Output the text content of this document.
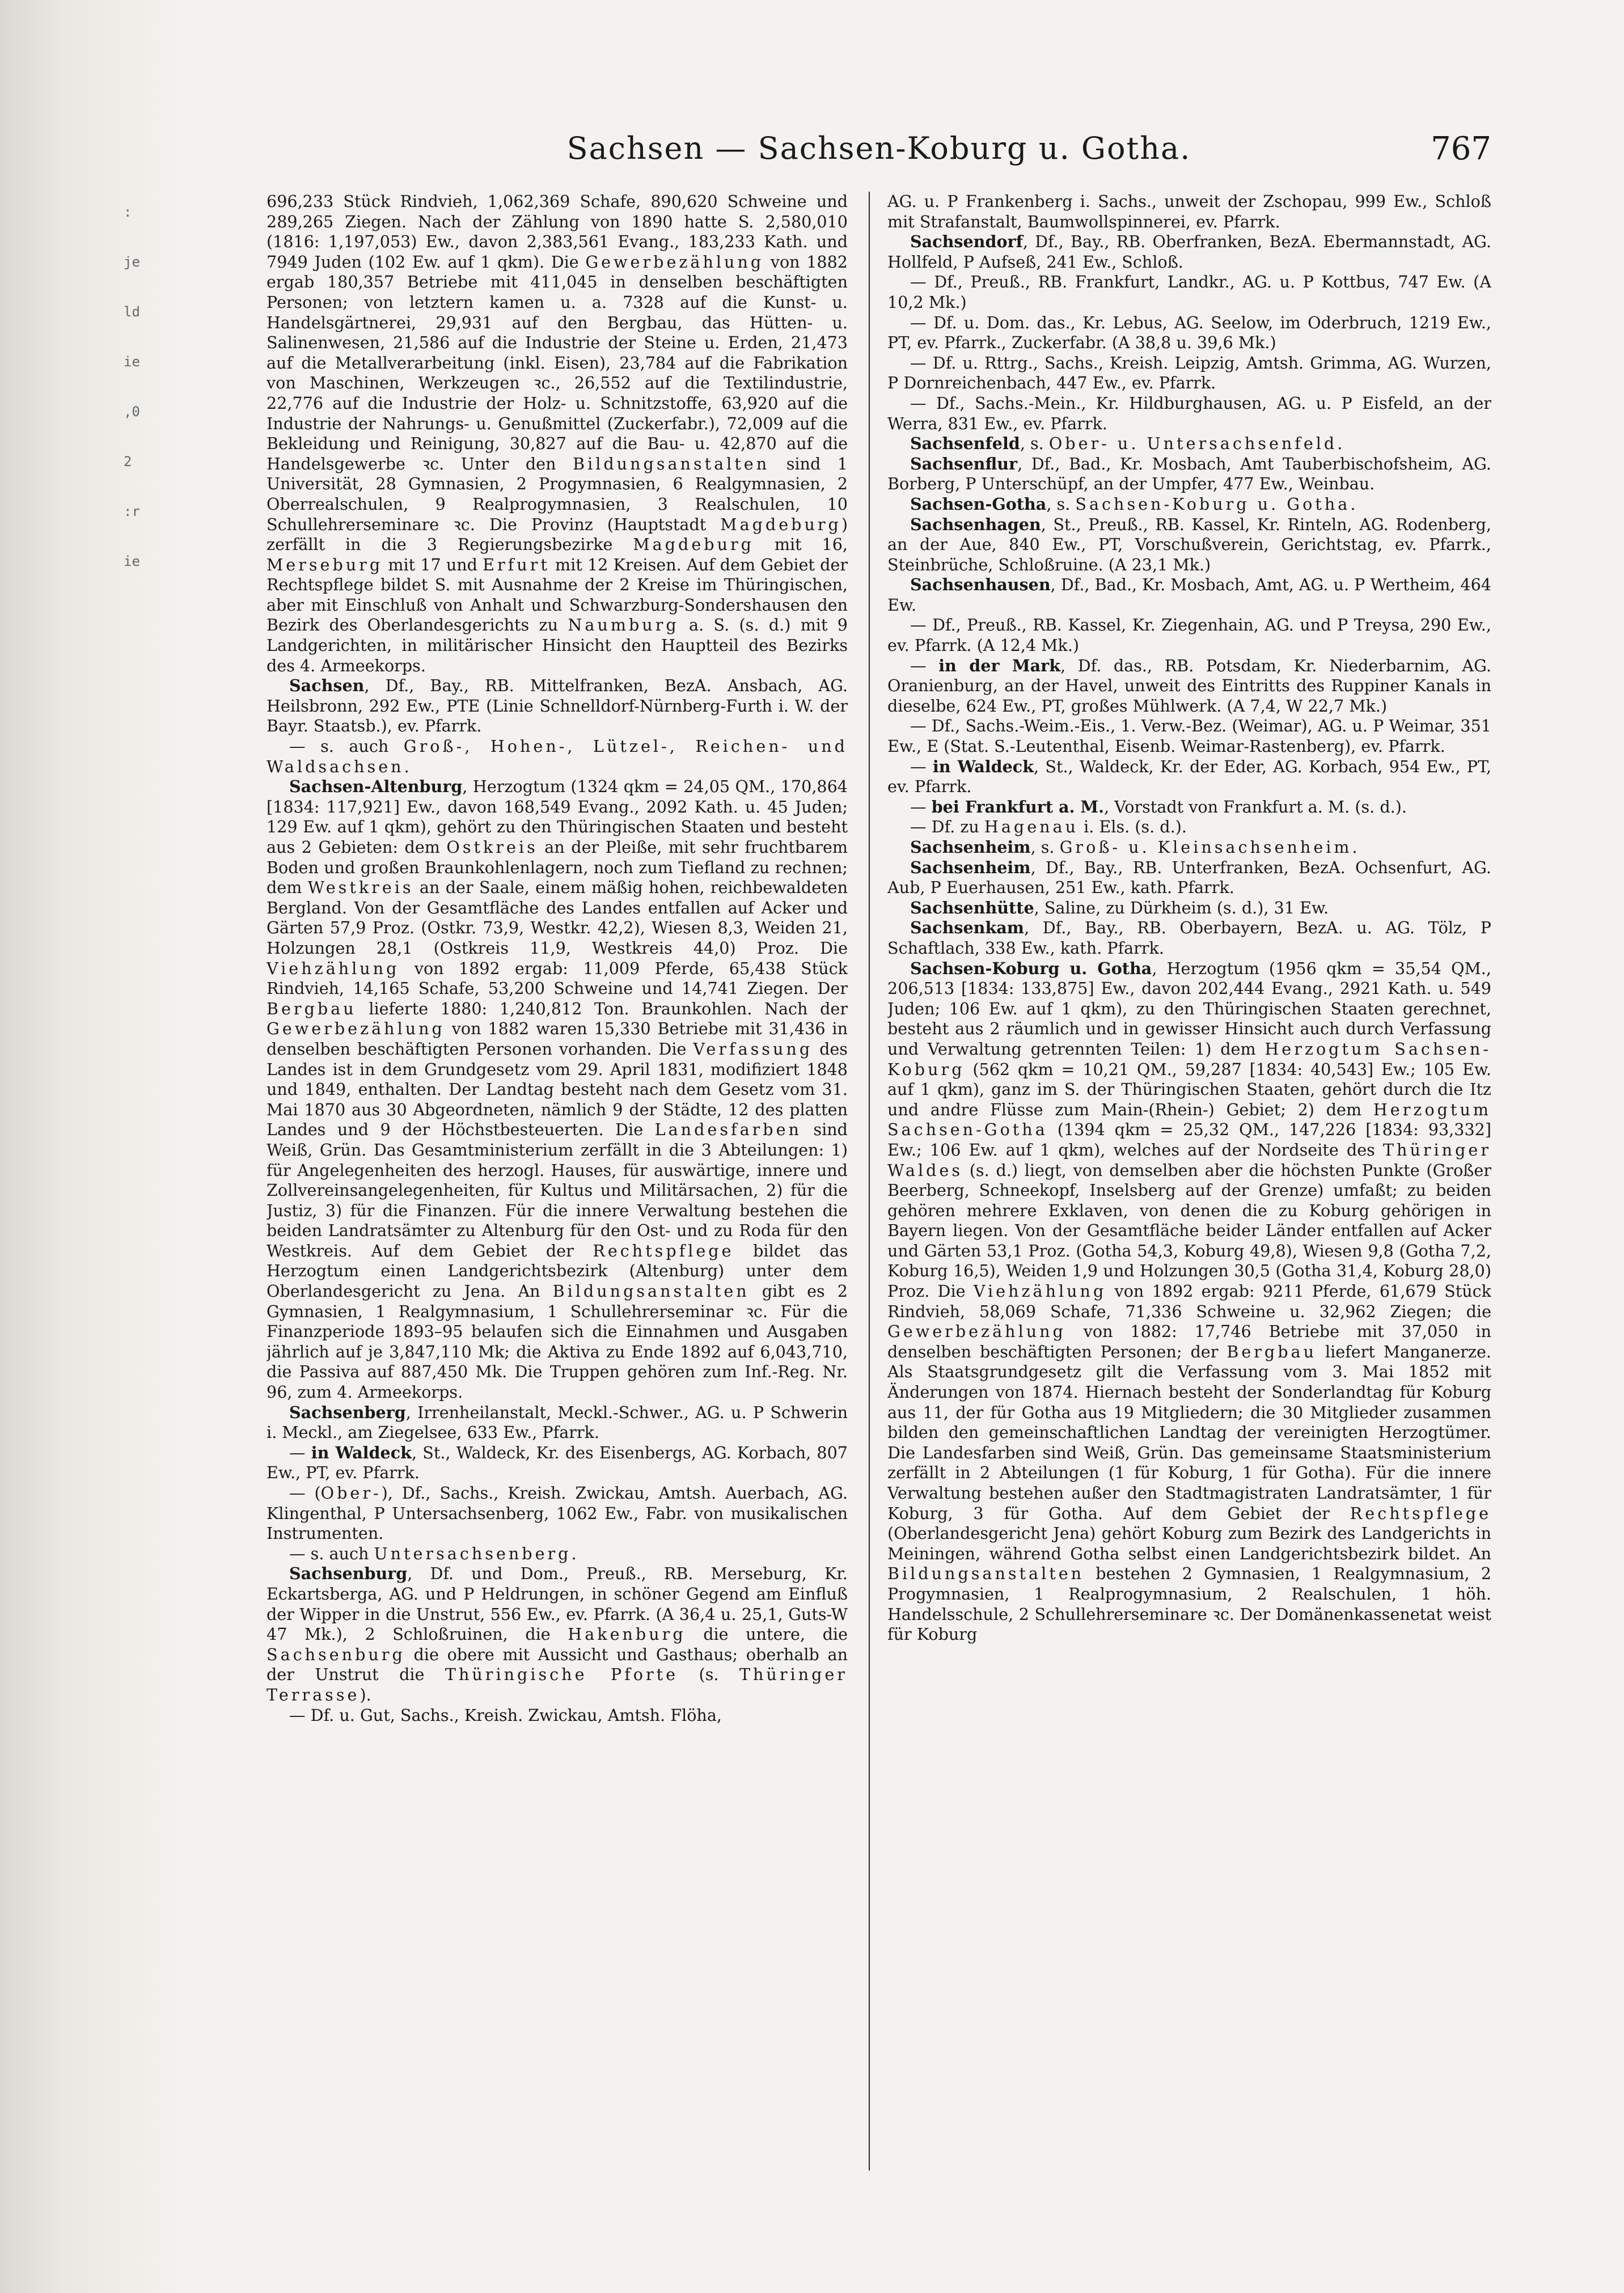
: je ld ie ,0 2 :r ie
Sachsen — Sachsen-Koburg u. Gotha.	767

696,233 Stück Rindvieh, 1,062,369 Schafe, 890,620 Schweine und 289,265 Ziegen. Nach der Zählung von 1890 hatte S. 2,580,010 (1816: 1,197,053) Ew., davon 2,383,561 Evang., 183,233 Kath. und 7949 Juden (102 Ew. auf 1 qkm). Die Gewerbezählung von 1882 ergab 180,357 Betriebe mit 411,045 in denselben beschäftigten Personen; von letztern kamen u. a. 7328 auf die Kunst- u. Handelsgärtnerei, 29,931 auf den Bergbau, das Hütten- u. Salinenwesen, 21,586 auf die Industrie der Steine u. Erden, 21,473 auf die Metallverarbeitung (inkl. Eisen), 23,784 auf die Fabrikation von Maschinen, Werkzeugen ꝛc., 26,552 auf die Textilindustrie, 22,776 auf die Industrie der Holz- u. Schnitzstoffe, 63,920 auf die Industrie der Nahrungs- u. Genußmittel (Zuckerfabr.), 72,009 auf die Bekleidung und Reinigung, 30,827 auf die Bau- u. 42,870 auf die Handelsgewerbe ꝛc. Unter den Bildungsanstalten sind 1 Universität, 28 Gymnasien, 2 Progymnasien, 6 Realgymnasien, 2 Oberrealschulen, 9 Realprogymnasien, 3 Realschulen, 10 Schullehrerseminare ꝛc. Die Provinz (Hauptstadt Magdeburg) zerfällt in die 3 Regierungsbezirke Magdeburg mit 16, Merseburg mit 17 und Erfurt mit 12 Kreisen. Auf dem Gebiet der Rechtspflege bildet S. mit Ausnahme der 2 Kreise im Thüringischen, aber mit Einschluß von Anhalt und Schwarzburg-Sondershausen den Bezirk des Oberlandesgerichts zu Naumburg a. S. (s. d.) mit 9 Landgerichten, in militärischer Hinsicht den Hauptteil des Bezirks des 4. Armeekorps.

Sachsen, Df., Bay., RB. Mittelfranken, BezA. Ansbach, AG. Heilsbronn, 292 Ew., PTE (Linie Schnelldorf-Nürnberg-Furth i. W. der Bayr. Staatsb.), ev. Pfarrk.

— s. auch Groß-, Hohen-, Lützel-, Reichen- und Waldsachsen.

Sachsen-Altenburg, Herzogtum (1324 qkm = 24,05 QM., 170,864 [1834: 117,921] Ew., davon 168,549 Evang., 2092 Kath. u. 45 Juden; 129 Ew. auf 1 qkm), gehört zu den Thüringischen Staaten und besteht aus 2 Gebieten: dem Ostkreis an der Pleiße, mit sehr fruchtbarem Boden und großen Braunkohlenlagern, noch zum Tiefland zu rechnen; dem Westkreis an der Saale, einem mäßig hohen, reichbewaldeten Bergland. Von der Gesamtfläche des Landes entfallen auf Acker und Gärten 57,9 Proz. (Ostkr. 73,9, Westkr. 42,2), Wiesen 8,3, Weiden 21, Holzungen 28,1 (Ostkreis 11,9, Westkreis 44,0) Proz. Die Viehzählung von 1892 ergab: 11,009 Pferde, 65,438 Stück Rindvieh, 14,165 Schafe, 53,200 Schweine und 14,741 Ziegen. Der Bergbau lieferte 1880: 1,240,812 Ton. Braunkohlen. Nach der Gewerbezählung von 1882 waren 15,330 Betriebe mit 31,436 in denselben beschäftigten Personen vorhanden. Die Verfassung des Landes ist in dem Grundgesetz vom 29. April 1831, modifiziert 1848 und 1849, enthalten. Der Landtag besteht nach dem Gesetz vom 31. Mai 1870 aus 30 Abgeordneten, nämlich 9 der Städte, 12 des platten Landes und 9 der Höchstbesteuerten. Die Landesfarben sind Weiß, Grün. Das Gesamtministerium zerfällt in die 3 Abteilungen: 1) für Angelegenheiten des herzogl. Hauses, für auswärtige, innere und Zollvereinsangelegenheiten, für Kultus und Militärsachen, 2) für die Justiz, 3) für die Finanzen. Für die innere Verwaltung bestehen die beiden Landratsämter zu Altenburg für den Ost- und zu Roda für den Westkreis. Auf dem Gebiet der Rechtspflege bildet das Herzogtum einen Landgerichtsbezirk (Altenburg) unter dem Oberlandesgericht zu Jena. An Bildungsanstalten gibt es 2 Gymnasien, 1 Realgymnasium, 1 Schullehrerseminar ꝛc. Für die Finanzperiode 1893–95 belaufen sich die Einnahmen und Ausgaben jährlich auf je 3,847,110 Mk; die Aktiva zu Ende 1892 auf 6,043,710, die Passiva auf 887,450 Mk. Die Truppen gehören zum Inf.-Reg. Nr. 96, zum 4. Armeekorps.

Sachsenberg, Irrenheilanstalt, Meckl.-Schwer., AG. u. P Schwerin i. Meckl., am Ziegelsee, 633 Ew., Pfarrk.

— in Waldeck, St., Waldeck, Kr. des Eisenbergs, AG. Korbach, 807 Ew., PT, ev. Pfarrk.

— (Ober-), Df., Sachs., Kreish. Zwickau, Amtsh. Auerbach, AG. Klingenthal, P Untersachsenberg, 1062 Ew., Fabr. von musikalischen Instrumenten.

— s. auch Untersachsenberg.

Sachsenburg, Df. und Dom., Preuß., RB. Merseburg, Kr. Eckartsberga, AG. und P Heldrungen, in schöner Gegend am Einfluß der Wipper in die Unstrut, 556 Ew., ev. Pfarrk. (A 36,4 u. 25,1, Guts-W 47 Mk.), 2 Schloßruinen, die Hakenburg die untere, die Sachsenburg die obere mit Aussicht und Gasthaus; oberhalb an der Unstrut die Thüringische Pforte (s. Thüringer Terrasse).

— Df. u. Gut, Sachs., Kreish. Zwickau, Amtsh. Flöha,

AG. u. P Frankenberg i. Sachs., unweit der Zschopau, 999 Ew., Schloß mit Strafanstalt, Baumwollspinnerei, ev. Pfarrk.

Sachsendorf, Df., Bay., RB. Oberfranken, BezA. Ebermannstadt, AG. Hollfeld, P Aufseß, 241 Ew., Schloß.

— Df., Preuß., RB. Frankfurt, Landkr., AG. u. P Kottbus, 747 Ew. (A 10,2 Mk.)

— Df. u. Dom. das., Kr. Lebus, AG. Seelow, im Oderbruch, 1219 Ew., PT, ev. Pfarrk., Zuckerfabr. (A 38,8 u. 39,6 Mk.)

— Df. u. Rttrg., Sachs., Kreish. Leipzig, Amtsh. Grimma, AG. Wurzen, P Dornreichenbach, 447 Ew., ev. Pfarrk.

— Df., Sachs.-Mein., Kr. Hildburghausen, AG. u. P Eisfeld, an der Werra, 831 Ew., ev. Pfarrk.

Sachsenfeld, s. Ober- u. Untersachsenfeld.

Sachsenflur, Df., Bad., Kr. Mosbach, Amt Tauberbischofsheim, AG. Borberg, P Unterschüpf, an der Umpfer, 477 Ew., Weinbau.

Sachsen-Gotha, s. Sachsen-Koburg u. Gotha.

Sachsenhagen, St., Preuß., RB. Kassel, Kr. Rinteln, AG. Rodenberg, an der Aue, 840 Ew., PT, Vorschußverein, Gerichtstag, ev. Pfarrk., Steinbrüche, Schloßruine. (A 23,1 Mk.)

Sachsenhausen, Df., Bad., Kr. Mosbach, Amt, AG. u. P Wertheim, 464 Ew.

— Df., Preuß., RB. Kassel, Kr. Ziegenhain, AG. und P Treysa, 290 Ew., ev. Pfarrk. (A 12,4 Mk.)

— in der Mark, Df. das., RB. Potsdam, Kr. Niederbarnim, AG. Oranienburg, an der Havel, unweit des Eintritts des Ruppiner Kanals in dieselbe, 624 Ew., PT, großes Mühlwerk. (A 7,4, W 22,7 Mk.)

— Df., Sachs.-Weim.-Eis., 1. Verw.-Bez. (Weimar), AG. u. P Weimar, 351 Ew., E (Stat. S.-Leutenthal, Eisenb. Weimar-Rastenberg), ev. Pfarrk.

— in Waldeck, St., Waldeck, Kr. der Eder, AG. Korbach, 954 Ew., PT, ev. Pfarrk.

— bei Frankfurt a. M., Vorstadt von Frankfurt a. M. (s. d.).

— Df. zu Hagenau i. Els. (s. d.).

Sachsenheim, s. Groß- u. Kleinsachsenheim.

Sachsenheim, Df., Bay., RB. Unterfranken, BezA. Ochsenfurt, AG. Aub, P Euerhausen, 251 Ew., kath. Pfarrk.

Sachsenhütte, Saline, zu Dürkheim (s. d.), 31 Ew.

Sachsenkam, Df., Bay., RB. Oberbayern, BezA. u. AG. Tölz, P Schaftlach, 338 Ew., kath. Pfarrk.

Sachsen-Koburg u. Gotha, Herzogtum (1956 qkm = 35,54 QM., 206,513 [1834: 133,875] Ew., davon 202,444 Evang., 2921 Kath. u. 549 Juden; 106 Ew. auf 1 qkm), zu den Thüringischen Staaten gerechnet, besteht aus 2 räumlich und in gewisser Hinsicht auch durch Verfassung und Verwaltung getrennten Teilen: 1) dem Herzogtum Sachsen-Koburg (562 qkm = 10,21 QM., 59,287 [1834: 40,543] Ew.; 105 Ew. auf 1 qkm), ganz im S. der Thüringischen Staaten, gehört durch die Itz und andre Flüsse zum Main-(Rhein-) Gebiet; 2) dem Herzogtum Sachsen-Gotha (1394 qkm = 25,32 QM., 147,226 [1834: 93,332] Ew.; 106 Ew. auf 1 qkm), welches auf der Nordseite des Thüringer Waldes (s. d.) liegt, von demselben aber die höchsten Punkte (Großer Beerberg, Schneekopf, Inselsberg auf der Grenze) umfaßt; zu beiden gehören mehrere Exklaven, von denen die zu Koburg gehörigen in Bayern liegen. Von der Gesamtfläche beider Länder entfallen auf Acker und Gärten 53,1 Proz. (Gotha 54,3, Koburg 49,8), Wiesen 9,8 (Gotha 7,2, Koburg 16,5), Weiden 1,9 und Holzungen 30,5 (Gotha 31,4, Koburg 28,0) Proz. Die Viehzählung von 1892 ergab: 9211 Pferde, 61,679 Stück Rindvieh, 58,069 Schafe, 71,336 Schweine u. 32,962 Ziegen; die Gewerbezählung von 1882: 17,746 Betriebe mit 37,050 in denselben beschäftigten Personen; der Bergbau liefert Manganerze. Als Staatsgrundgesetz gilt die Verfassung vom 3. Mai 1852 mit Änderungen von 1874. Hiernach besteht der Sonderlandtag für Koburg aus 11, der für Gotha aus 19 Mitgliedern; die 30 Mitglieder zusammen bilden den gemeinschaftlichen Landtag der vereinigten Herzogtümer. Die Landesfarben sind Weiß, Grün. Das gemeinsame Staatsministerium zerfällt in 2 Abteilungen (1 für Koburg, 1 für Gotha). Für die innere Verwaltung bestehen außer den Stadtmagistraten Landratsämter, 1 für Koburg, 3 für Gotha. Auf dem Gebiet der Rechtspflege (Oberlandesgericht Jena) gehört Koburg zum Bezirk des Landgerichts in Meiningen, während Gotha selbst einen Landgerichtsbezirk bildet. An Bildungsanstalten bestehen 2 Gymnasien, 1 Realgymnasium, 2 Progymnasien, 1 Realprogymnasium, 2 Realschulen, 1 höh. Handelsschule, 2 Schullehrerseminare ꝛc. Der Domänenkassenetat weist für Koburg
